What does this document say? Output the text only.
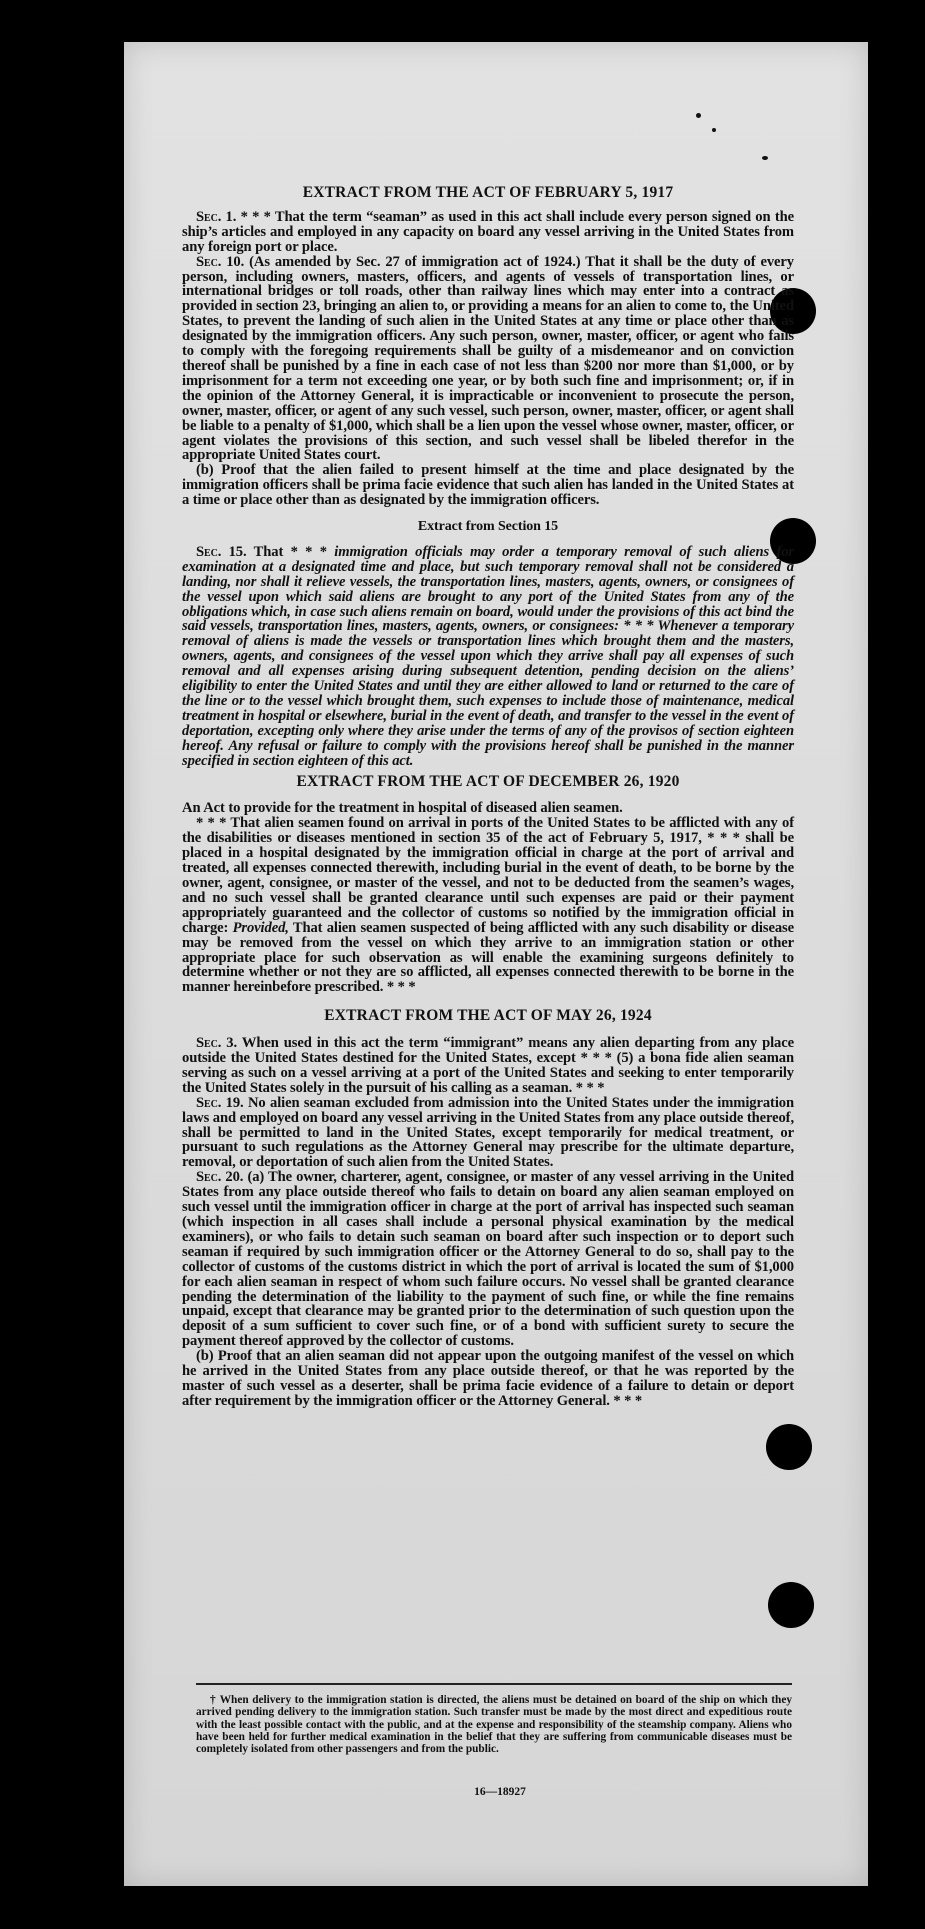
EXTRACT FROM THE ACT OF FEBRUARY 5, 1917

Sec. 1. * * * That the term “seaman” as used in this act shall include every person signed on the ship’s articles and employed in any capacity on board any vessel arriving in the United States from any foreign port or place.

Sec. 10. (As amended by Sec. 27 of immigration act of 1924.) That it shall be the duty of every person, including owners, masters, officers, and agents of vessels of transportation lines, or international bridges or toll roads, other than railway lines which may enter into a contract as provided in section 23, bringing an alien to, or providing a means for an alien to come to, the United States, to prevent the landing of such alien in the United States at any time or place other than as designated by the immigration officers. Any such person, owner, master, officer, or agent who fails to comply with the foregoing requirements shall be guilty of a misdemeanor and on conviction thereof shall be punished by a fine in each case of not less than $200 nor more than $1,000, or by imprisonment for a term not exceeding one year, or by both such fine and imprisonment; or, if in the opinion of the Attorney General, it is impracticable or inconvenient to prosecute the person, owner, master, officer, or agent of any such vessel, such person, owner, master, officer, or agent shall be liable to a penalty of $1,000, which shall be a lien upon the vessel whose owner, master, officer, or agent violates the provisions of this section, and such vessel shall be libeled therefor in the appropriate United States court.

(b) Proof that the alien failed to present himself at the time and place designated by the immigration officers shall be prima facie evidence that such alien has landed in the United States at a time or place other than as designated by the immigration officers.

Extract from Section 15

Sec. 15. That * * * immigration officials may order a temporary removal of such aliens for examination at a designated time and place, but such temporary removal shall not be considered a landing, nor shall it relieve vessels, the transportation lines, masters, agents, owners, or consignees of the vessel upon which said aliens are brought to any port of the United States from any of the obligations which, in case such aliens remain on board, would under the provisions of this act bind the said vessels, transportation lines, masters, agents, owners, or consignees: * * * Whenever a temporary removal of aliens is made the vessels or transportation lines which brought them and the masters, owners, agents, and consignees of the vessel upon which they arrive shall pay all expenses of such removal and all expenses arising during subsequent detention, pending decision on the aliens’ eligibility to enter the United States and until they are either allowed to land or returned to the care of the line or to the vessel which brought them, such expenses to include those of maintenance, medical treatment in hospital or elsewhere, burial in the event of death, and transfer to the vessel in the event of deportation, excepting only where they arise under the terms of any of the provisos of section eighteen hereof. Any refusal or failure to comply with the provisions hereof shall be punished in the manner specified in section eighteen of this act.

EXTRACT FROM THE ACT OF DECEMBER 26, 1920

An Act to provide for the treatment in hospital of diseased alien seamen.

* * * That alien seamen found on arrival in ports of the United States to be afflicted with any of the disabilities or diseases mentioned in section 35 of the act of February 5, 1917, * * * shall be placed in a hospital designated by the immigration official in charge at the port of arrival and treated, all expenses connected therewith, including burial in the event of death, to be borne by the owner, agent, consignee, or master of the vessel, and not to be deducted from the seamen’s wages, and no such vessel shall be granted clearance until such expenses are paid or their payment appropriately guaranteed and the collector of customs so notified by the immigration official in charge: Provided, That alien seamen suspected of being afflicted with any such disability or disease may be removed from the vessel on which they arrive to an immigration station or other appropriate place for such observation as will enable the examining surgeons definitely to determine whether or not they are so afflicted, all expenses connected therewith to be borne in the manner hereinbefore prescribed. * * *

EXTRACT FROM THE ACT OF MAY 26, 1924

Sec. 3. When used in this act the term “immigrant” means any alien departing from any place outside the United States destined for the United States, except * * * (5) a bona fide alien seaman serving as such on a vessel arriving at a port of the United States and seeking to enter temporarily the United States solely in the pursuit of his calling as a seaman. * * *

Sec. 19. No alien seaman excluded from admission into the United States under the immigration laws and employed on board any vessel arriving in the United States from any place outside thereof, shall be permitted to land in the United States, except temporarily for medical treatment, or pursuant to such regulations as the Attorney General may prescribe for the ultimate departure, removal, or deportation of such alien from the United States.

Sec. 20. (a) The owner, charterer, agent, consignee, or master of any vessel arriving in the United States from any place outside thereof who fails to detain on board any alien seaman employed on such vessel until the immigration officer in charge at the port of arrival has inspected such seaman (which inspection in all cases shall include a personal physical examination by the medical examiners), or who fails to detain such seaman on board after such inspection or to deport such seaman if required by such immigration officer or the Attorney General to do so, shall pay to the collector of customs of the customs district in which the port of arrival is located the sum of $1,000 for each alien seaman in respect of whom such failure occurs. No vessel shall be granted clearance pending the determination of the liability to the payment of such fine, or while the fine remains unpaid, except that clearance may be granted prior to the determination of such question upon the deposit of a sum sufficient to cover such fine, or of a bond with sufficient surety to secure the payment thereof approved by the collector of customs.

(b) Proof that an alien seaman did not appear upon the outgoing manifest of the vessel on which he arrived in the United States from any place outside thereof, or that he was reported by the master of such vessel as a deserter, shall be prima facie evidence of a failure to detain or deport after requirement by the immigration officer or the Attorney General. * * *

† When delivery to the immigration station is directed, the aliens must be detained on board of the ship on which they arrived pending delivery to the immigration station. Such transfer must be made by the most direct and expeditious route with the least possible contact with the public, and at the expense and responsibility of the steamship company. Aliens who have been held for further medical examination in the belief that they are suffering from communicable diseases must be completely isolated from other passengers and from the public.

16—18927
